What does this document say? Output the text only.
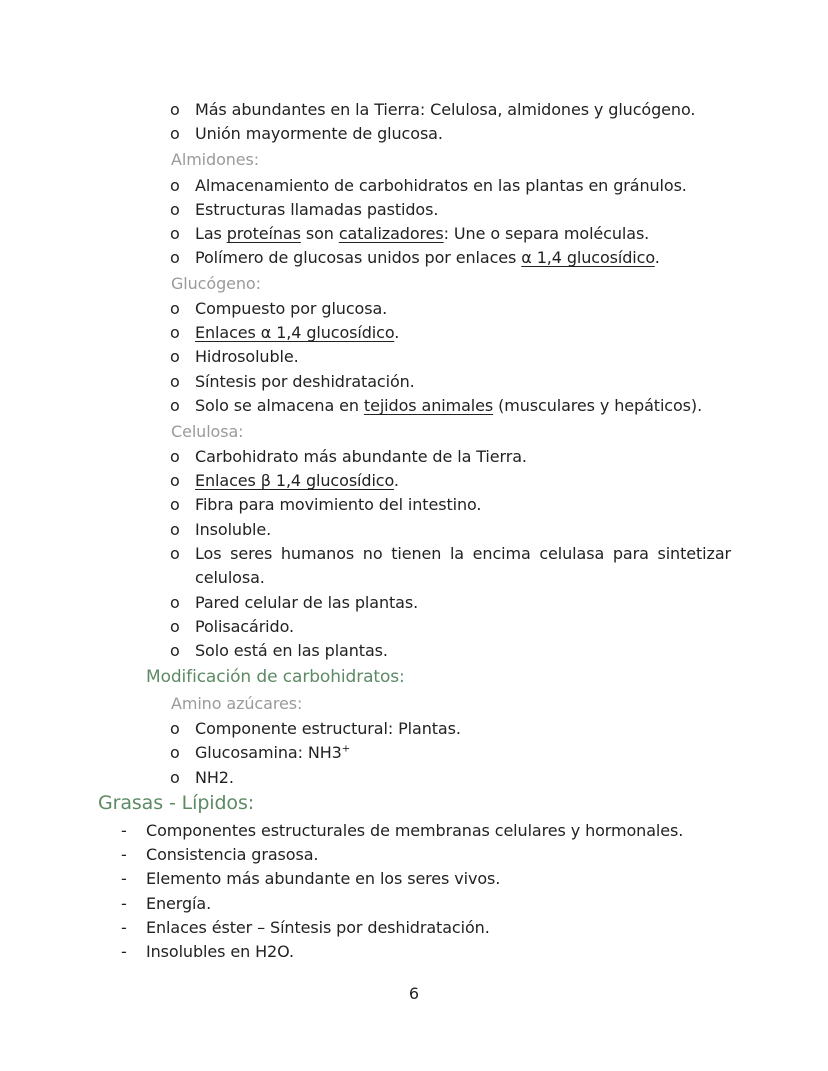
o Más abundantes en la Tierra: Celulosa, almidones y glucógeno.
o Unión mayormente de glucosa.
Almidones:
o Almacenamiento de carbohidratos en las plantas en gránulos.
o Estructuras llamadas pastidos.
o Las proteínas son catalizadores: Une o separa moléculas.
o Polímero de glucosas unidos por enlaces α 1,4 glucosídico.
Glucógeno:
o Compuesto por glucosa.
o Enlaces α 1,4 glucosídico.
o Hidrosoluble.
o Síntesis por deshidratación.
o Solo se almacena en tejidos animales (musculares y hepáticos).
Celulosa:
o Carbohidrato más abundante de la Tierra.
o Enlaces β 1,4 glucosídico.
o Fibra para movimiento del intestino.
o Insoluble.
o Los seres humanos no tienen la encima celulasa para sintetizar
celulosa.
o Pared celular de las plantas.
o Polisacárido.
o Solo está en las plantas.
Modificación de carbohidratos:
Amino azúcares:
o Componente estructural: Plantas.
o Glucosamina: NH3+
o NH2.
Grasas - Lípidos:
- Componentes estructurales de membranas celulares y hormonales.
- Consistencia grasosa.
- Elemento más abundante en los seres vivos.
- Energía.
- Enlaces éster – Síntesis por deshidratación.
- Insolubles en H2O.
6
